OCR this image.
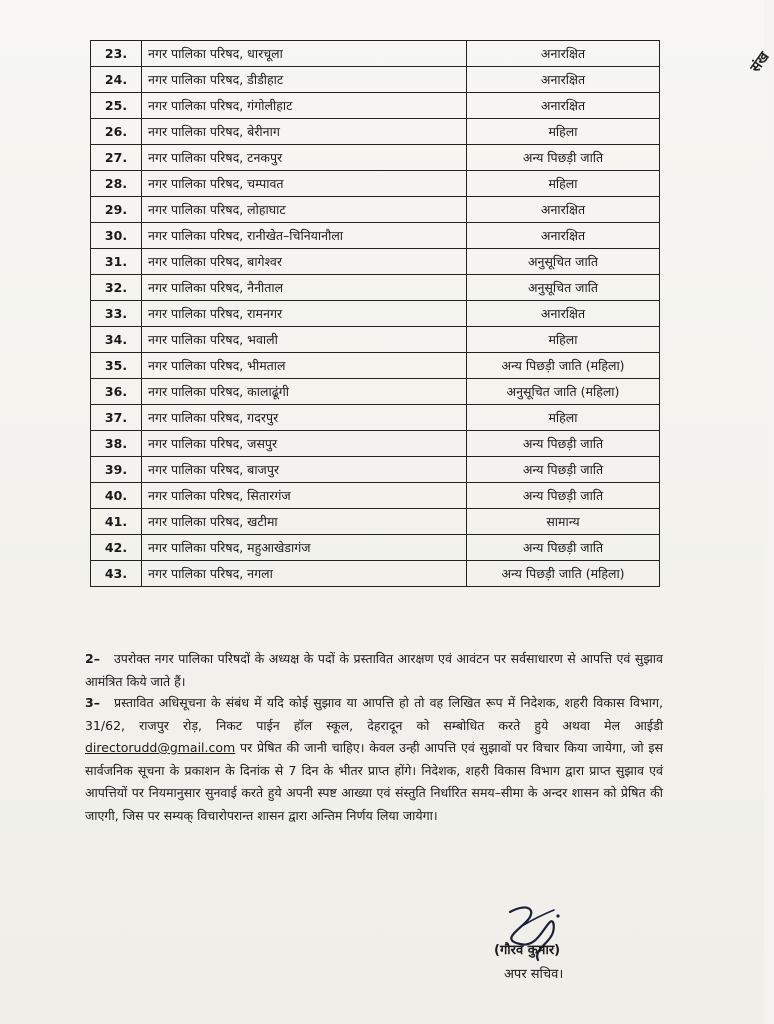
संख
23.	नगर पालिका परिषद, धारचूला	अनारक्षित
24.	नगर पालिका परिषद, डीडीहाट	अनारक्षित
25.	नगर पालिका परिषद, गंगोलीहाट	अनारक्षित
26.	नगर पालिका परिषद, बेरीनाग	महिला
27.	नगर पालिका परिषद, टनकपुर	अन्य पिछड़ी जाति
28.	नगर पालिका परिषद, चम्पावत	महिला
29.	नगर पालिका परिषद, लोहाघाट	अनारक्षित
30.	नगर पालिका परिषद, रानीखेत–चिनियानौला	अनारक्षित
31.	नगर पालिका परिषद, बागेश्वर	अनुसूचित जाति
32.	नगर पालिका परिषद, नैनीताल	अनुसूचित जाति
33.	नगर पालिका परिषद, रामनगर	अनारक्षित
34.	नगर पालिका परिषद, भवाली	महिला
35.	नगर पालिका परिषद, भीमताल	अन्य पिछड़ी जाति (महिला)
36.	नगर पालिका परिषद, कालाढूंगी	अनुसूचित जाति (महिला)
37.	नगर पालिका परिषद, गदरपुर	महिला
38.	नगर पालिका परिषद, जसपुर	अन्य पिछड़ी जाति
39.	नगर पालिका परिषद, बाजपुर	अन्य पिछड़ी जाति
40.	नगर पालिका परिषद, सितारगंज	अन्य पिछड़ी जाति
41.	नगर पालिका परिषद, खटीमा	सामान्य
42.	नगर पालिका परिषद, महुआखेडागंज	अन्य पिछड़ी जाति
43.	नगर पालिका परिषद, नगला	अन्य पिछड़ी जाति (महिला)
2– उपरोक्त नगर पालिका परिषदों के अध्यक्ष के पदों के प्रस्तावित आरक्षण एवं आवंटन पर सर्वसाधारण से आपत्ति एवं सुझाव आमंत्रित किये जाते हैं।
3– प्रस्तावित अधिसूचना के संबंध में यदि कोई सुझाव या आपत्ति हो तो वह लिखित रूप में निदेशक, शहरी विकास विभाग, 31/62, राजपुर रोड़, निकट पाईन हॉल स्कूल, देहरादून को सम्बोधित करते हुये अथवा मेल आईडी directorudd@gmail.com पर प्रेषित की जानी चाहिए। केवल उन्ही आपत्ति एवं सुझावों पर विचार किया जायेगा, जो इस सार्वजनिक सूचना के प्रकाशन के दिनांक से 7 दिन के भीतर प्राप्त होंगे। निदेशक, शहरी विकास विभाग द्वारा प्राप्त सुझाव एवं आपत्तियों पर नियमानुसार सुनवाई करते हुये अपनी स्पष्ट आख्या एवं संस्तुति निर्धारित समय–सीमा के अन्दर शासन को प्रेषित की जाएगी, जिस पर सम्यक् विचारोपरान्त शासन द्वारा अन्तिम निर्णय लिया जायेगा।
(गौरव कुमार)
अपर सचिव।
